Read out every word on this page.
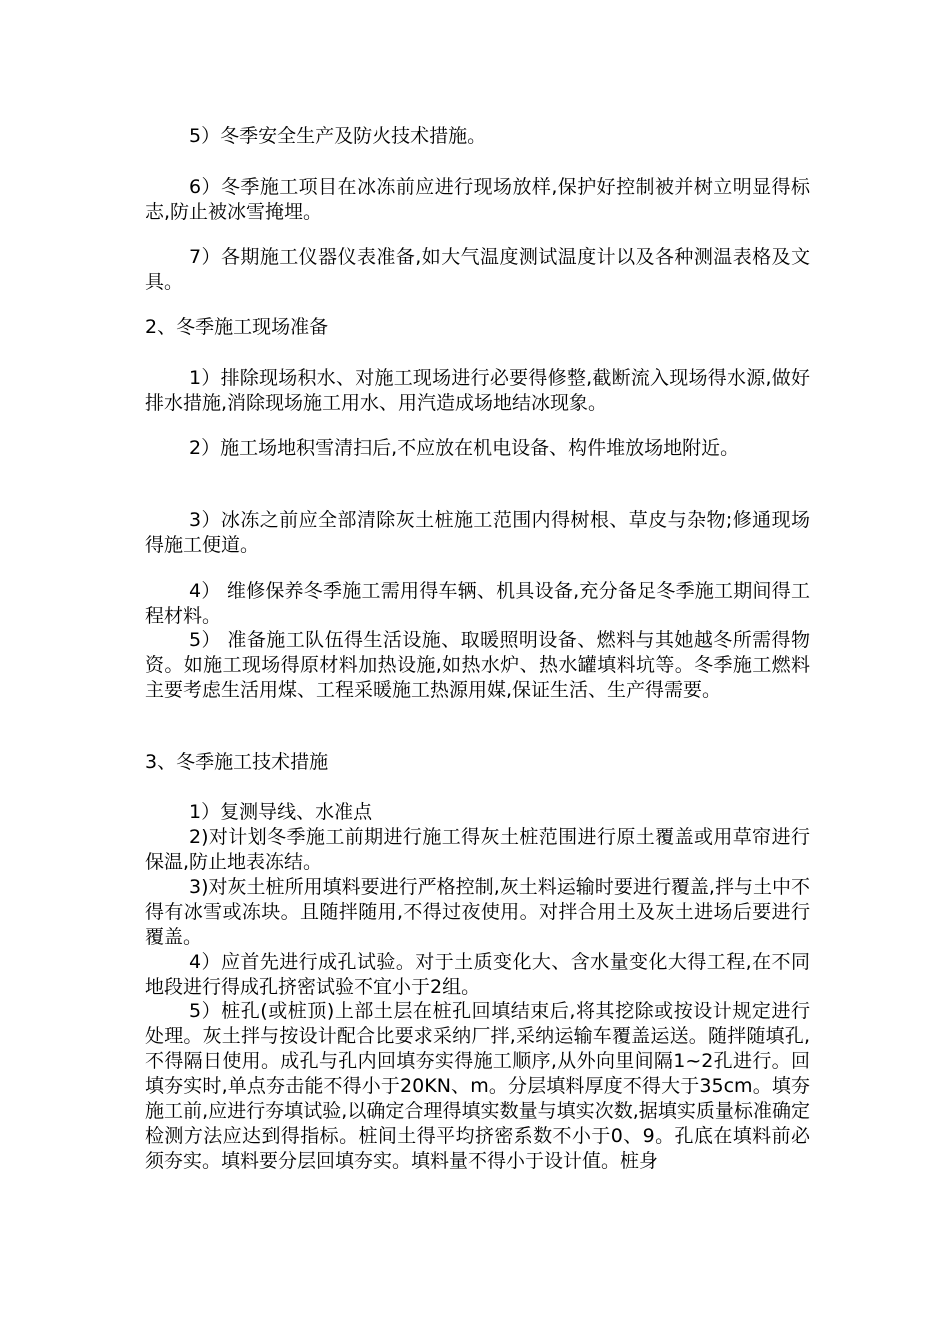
5）冬季安全生产及防火技术措施。

6）冬季施工项目在冰冻前应进行现场放样,保护好控制被并树立明显得标志,防止被冰雪掩埋。

7）各期施工仪器仪表准备,如大气温度测试温度计以及各种测温表格及文具。

2、冬季施工现场准备

1）排除现场积水、对施工现场进行必要得修整,截断流入现场得水源,做好排水措施,消除现场施工用水、用汽造成场地结冰现象。

2）施工场地积雪清扫后,不应放在机电设备、构件堆放场地附近。

3）冰冻之前应全部清除灰土桩施工范围内得树根、草皮与杂物;修通现场得施工便道。

4） 维修保养冬季施工需用得车辆、机具设备,充分备足冬季施工期间得工程材料。

5） 准备施工队伍得生活设施、取暖照明设备、燃料与其她越冬所需得物资。如施工现场得原材料加热设施,如热水炉、热水罐填料坑等。冬季施工燃料主要考虑生活用煤、工程采暖施工热源用媒,保证生活、生产得需要。

3、冬季施工技术措施

1）复测导线、水准点

2)对计划冬季施工前期进行施工得灰土桩范围进行原土覆盖或用草帘进行保温,防止地表冻结。

3)对灰土桩所用填料要进行严格控制,灰土料运输时要进行覆盖,拌与土中不得有冰雪或冻块。且随拌随用,不得过夜使用。对拌合用土及灰土进场后要进行覆盖。

4）应首先进行成孔试验。对于土质变化大、含水量变化大得工程,在不同地段进行得成孔挤密试验不宜小于2组。

5）桩孔(或桩顶)上部土层在桩孔回填结束后,将其挖除或按设计规定进行处理。灰土拌与按设计配合比要求采纳厂拌,采纳运输车覆盖运送。随拌随填孔,不得隔日使用。成孔与孔内回填夯实得施工顺序,从外向里间隔1~2孔进行。回填夯实时,单点夯击能不得小于20KN、m。分层填料厚度不得大于35cm。填夯施工前,应进行夯填试验,以确定合理得填实数量与填实次数,据填实质量标准确定检测方法应达到得指标。桩间土得平均挤密系数不小于0、9。孔底在填料前必须夯实。填料要分层回填夯实。填料量不得小于设计值。桩身
